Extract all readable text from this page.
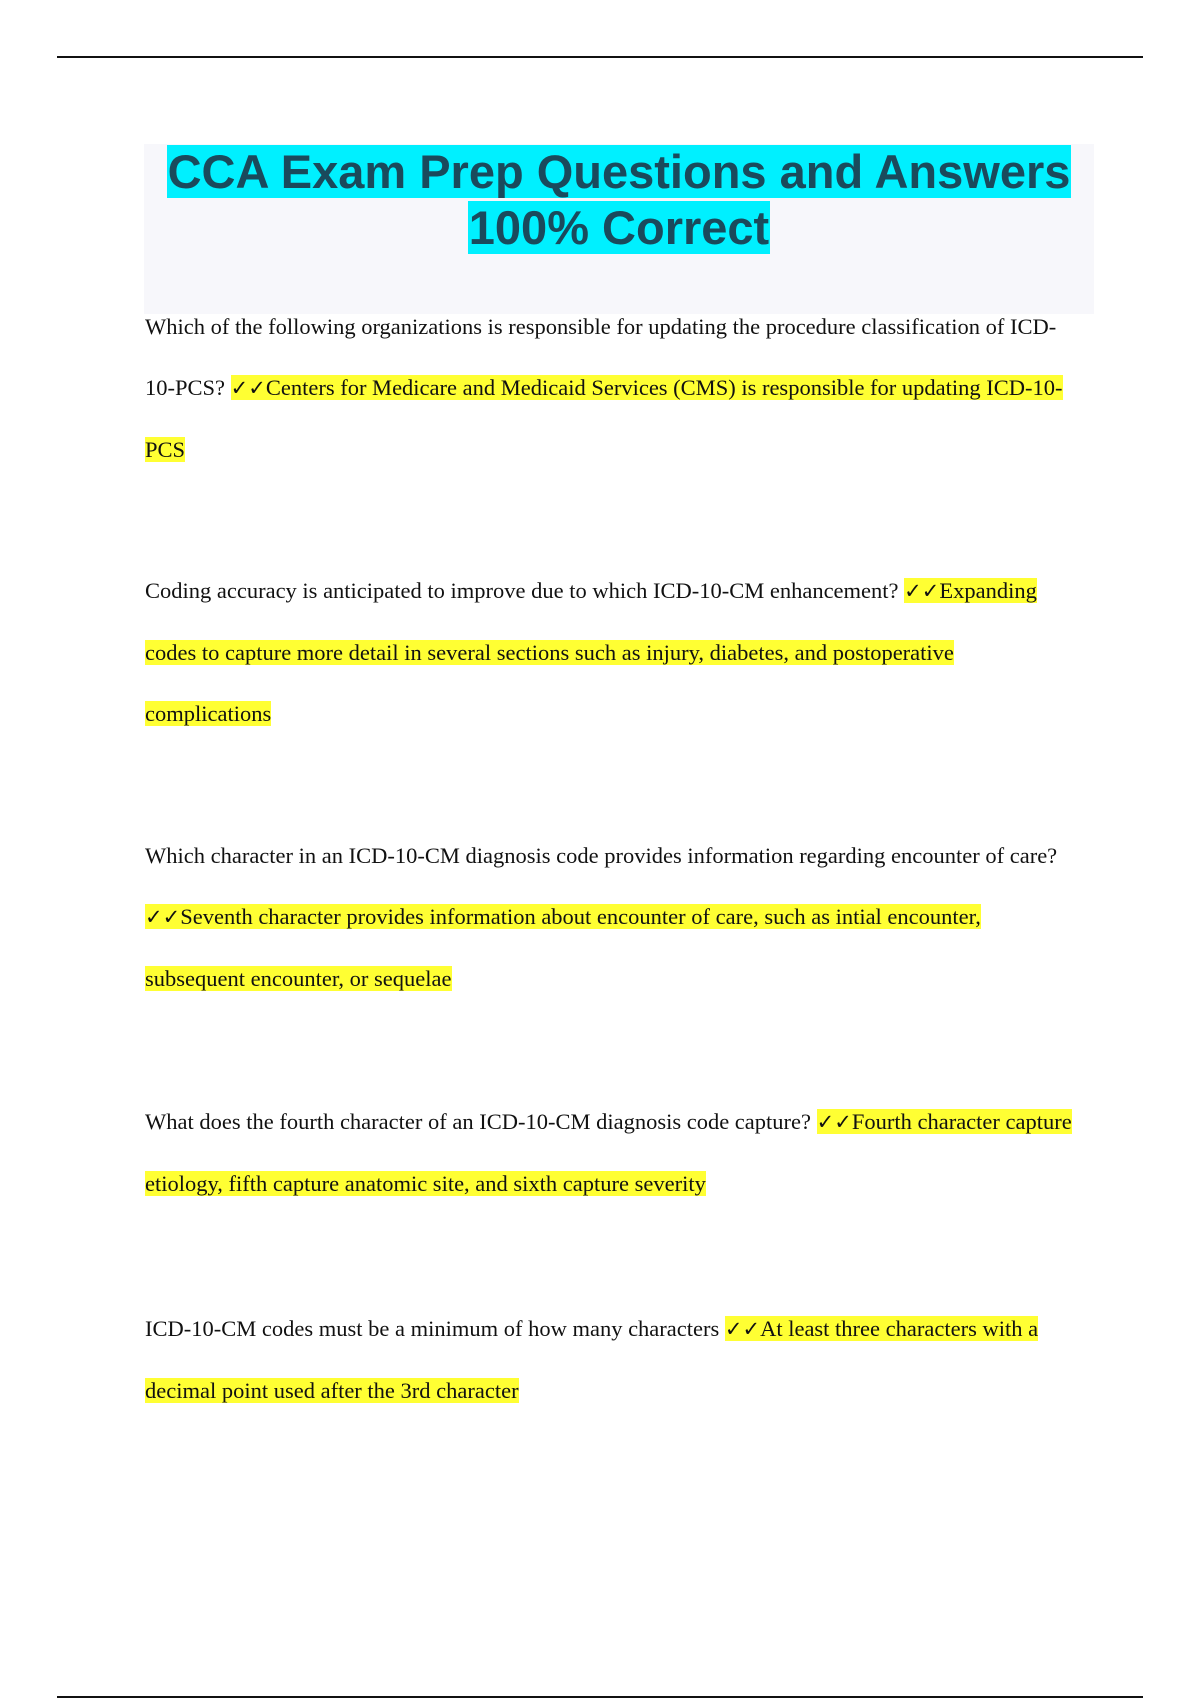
CCA Exam Prep Questions and Answers
100% Correct

Which of the following organizations is responsible for updating the procedure classification of ICD-10-PCS? ✓✓Centers for Medicare and Medicaid Services (CMS) is responsible for updating ICD-10-PCS

Coding accuracy is anticipated to improve due to which ICD-10-CM enhancement? ✓✓Expanding codes to capture more detail in several sections such as injury, diabetes, and postoperative complications

Which character in an ICD-10-CM diagnosis code provides information regarding encounter of care? ✓✓Seventh character provides information about encounter of care, such as intial encounter, subsequent encounter, or sequelae

What does the fourth character of an ICD-10-CM diagnosis code capture? ✓✓Fourth character capture etiology, fifth capture anatomic site, and sixth capture severity

ICD-10-CM codes must be a minimum of how many characters ✓✓At least three characters with a decimal point used after the 3rd character
